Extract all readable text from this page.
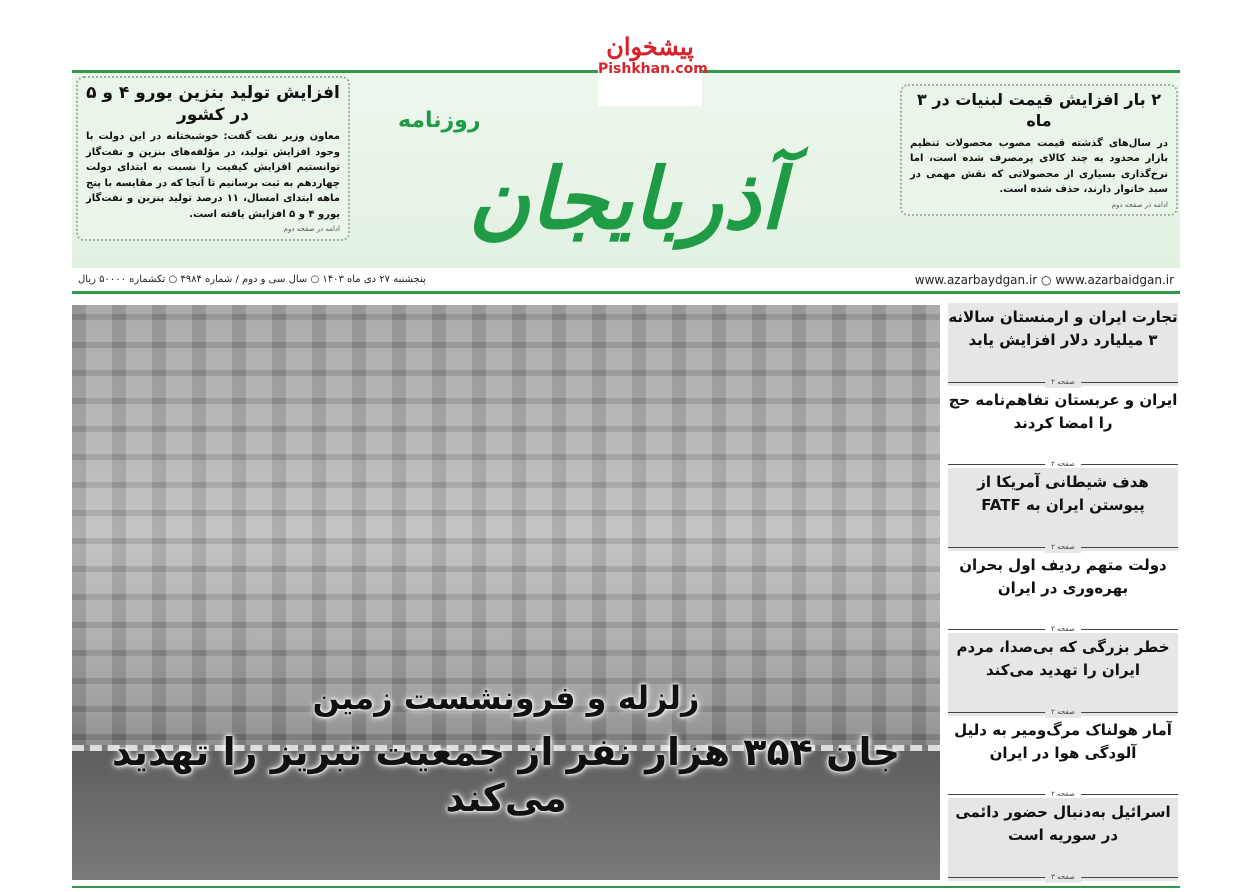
افزایش تولید بنزین یورو ۴ و ۵ در کشور

معاون وزیر نفت گفت: خوشبختانه در این دولت با وجود افزایش تولید، در مؤلفه‌های بنزین و نفت‌گاز توانستیم افزایش کیفیت را نسبت به ابتدای دولت چهاردهم به ثبت برسانیم تا آنجا که در مقایسه با پنج ماهه ابتدای امسال، ۱۱ درصد تولید بنزین و نفت‌گاز یورو ۴ و ۵ افزایش یافته است.

ادامه در صفحه دوم
۲ بار افزایش قیمت لبنیات در ۳ ماه

در سال‌های گذشته قیمت مصوب محصولات تنظیم بازار محدود به چند کالای پرمصرف شده است، اما نرخ‌گذاری بسیاری از محصولاتی که نقش مهمی در سبد خانوار دارند، حذف شده است.

ادامه در صفحه دوم
روزنامه
آذربایجان
پیشخوان
Pishkhan.com
پنجشنبه ۲۷ دی ماه ۱۴۰۳ ○ سال سی و دوم / شماره ۴۹۸۴ ○ تکشماره ۵۰۰۰۰ ریال	www.azarbaydgan.ir ○ www.azarbaidgan.ir
زلزله و فرونشست زمین
جان ۳۵۴ هزار نفر از جمعیت تبریز را تهدید می‌کند
تجارت ایران و ارمنستان سالانه ۳ میلیارد دلار افزایش یابد
صفحه ۲
ایران و عربستان تفاهم‌نامه حج را امضا کردند
صفحه ۲
هدف شیطانی آمریکا از پیوستن ایران به FATF
صفحه ۲
دولت متهم ردیف اول بحران بهره‌وری در ایران
صفحه ۲
خطر بزرگی که بی‌صدا، مردم ایران را تهدید می‌کند
صفحه ۲
آمار هولناک مرگ‌ومیر به دلیل آلودگی هوا در ایران
صفحه ۲
اسرائیل به‌دنبال حضور دائمی در سوریه است
صفحه ۳
